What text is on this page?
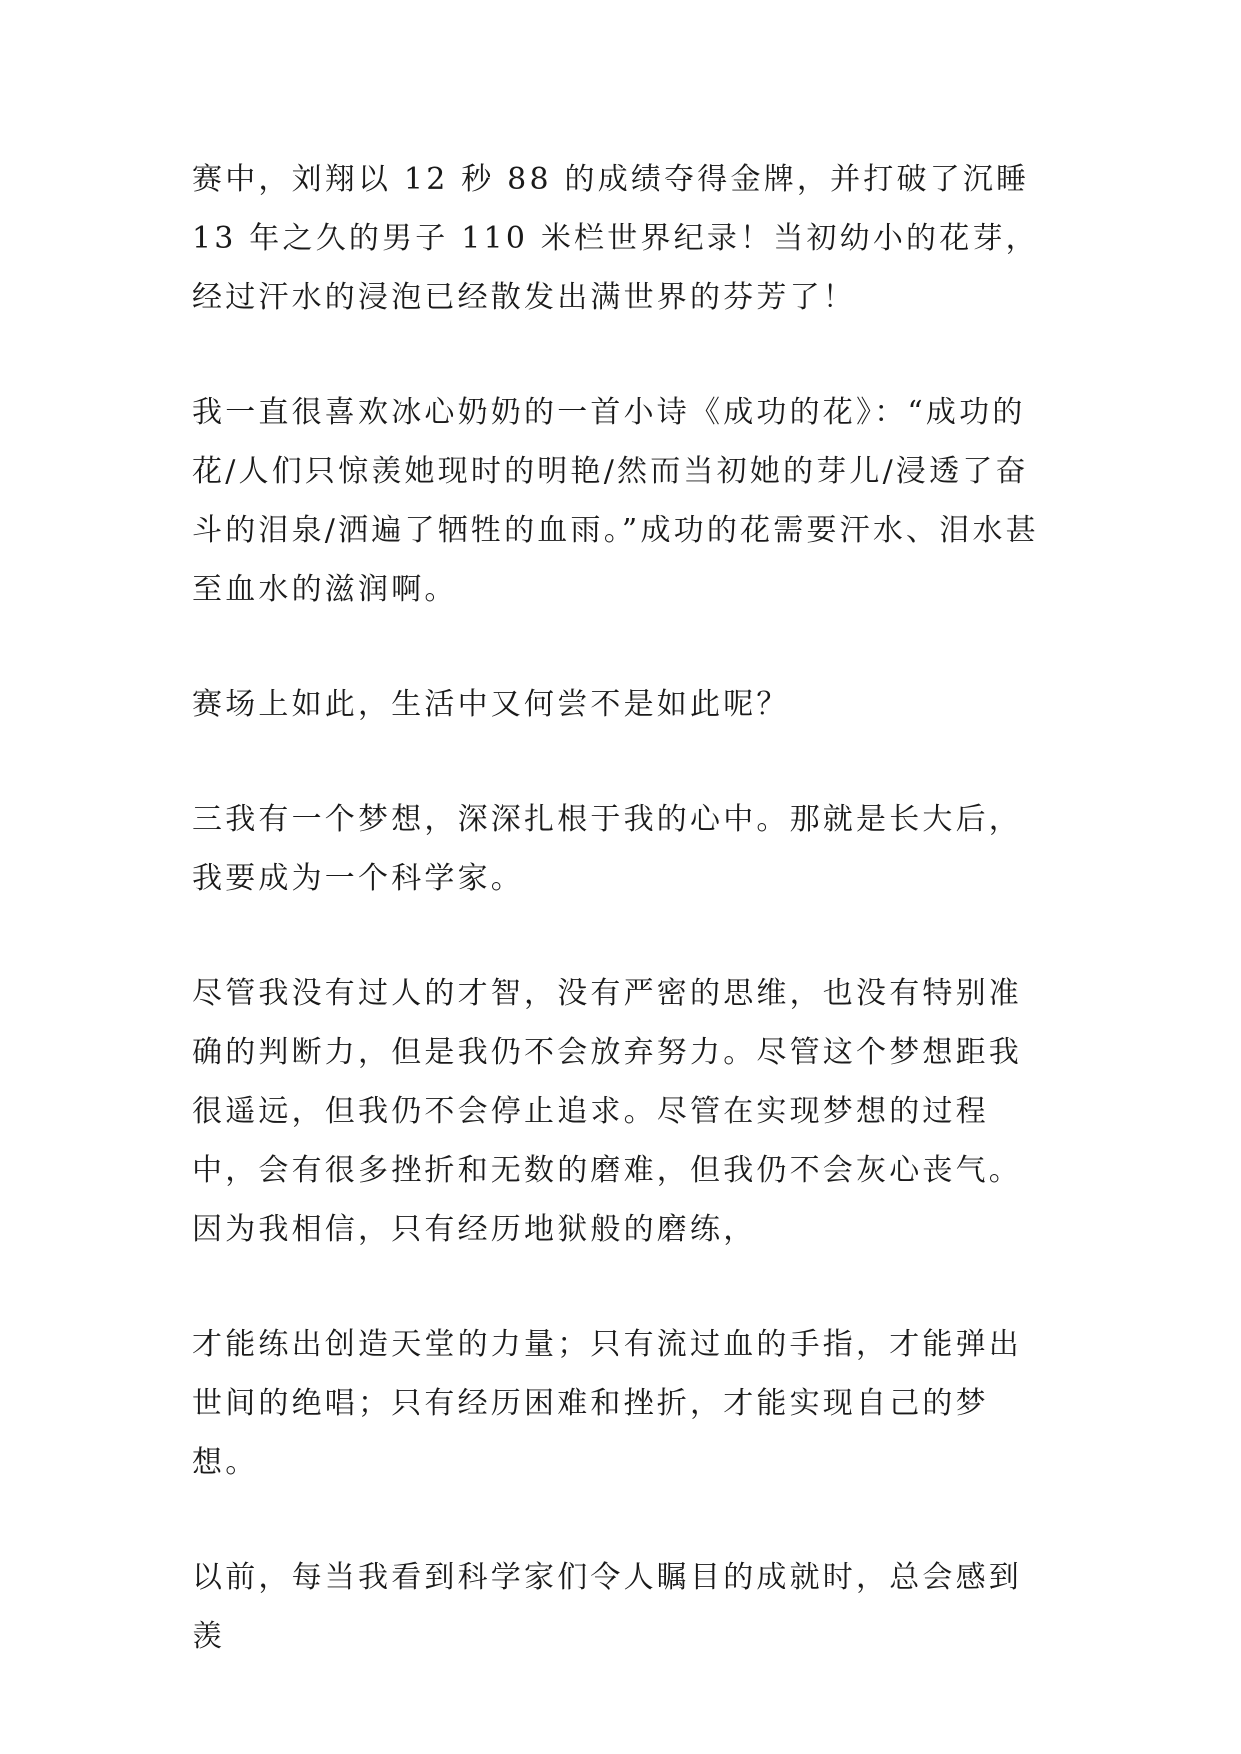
赛中，刘翔以 12 秒 88 的成绩夺得金牌，并打破了沉睡 13 年之久的男子 110 米栏世界纪录！当初幼小的花芽，经过汗水的浸泡已经散发出满世界的芬芳了！

我一直很喜欢冰心奶奶的一首小诗《成功的花》：“成功的花/人们只惊羡她现时的明艳/然而当初她的芽儿/浸透了奋斗的泪泉/洒遍了牺牲的血雨。”成功的花需要汗水、泪水甚至血水的滋润啊。

赛场上如此，生活中又何尝不是如此呢？

三我有一个梦想，深深扎根于我的心中。那就是长大后，我要成为一个科学家。

尽管我没有过人的才智，没有严密的思维，也没有特别准确的判断力，但是我仍不会放弃努力。尽管这个梦想距我很遥远，但我仍不会停止追求。尽管在实现梦想的过程中，会有很多挫折和无数的磨难，但我仍不会灰心丧气。因为我相信，只有经历地狱般的磨练，

才能练出创造天堂的力量；只有流过血的手指，才能弹出世间的绝唱；只有经历困难和挫折，才能实现自己的梦想。

以前，每当我看到科学家们令人瞩目的成就时，总会感到羡
